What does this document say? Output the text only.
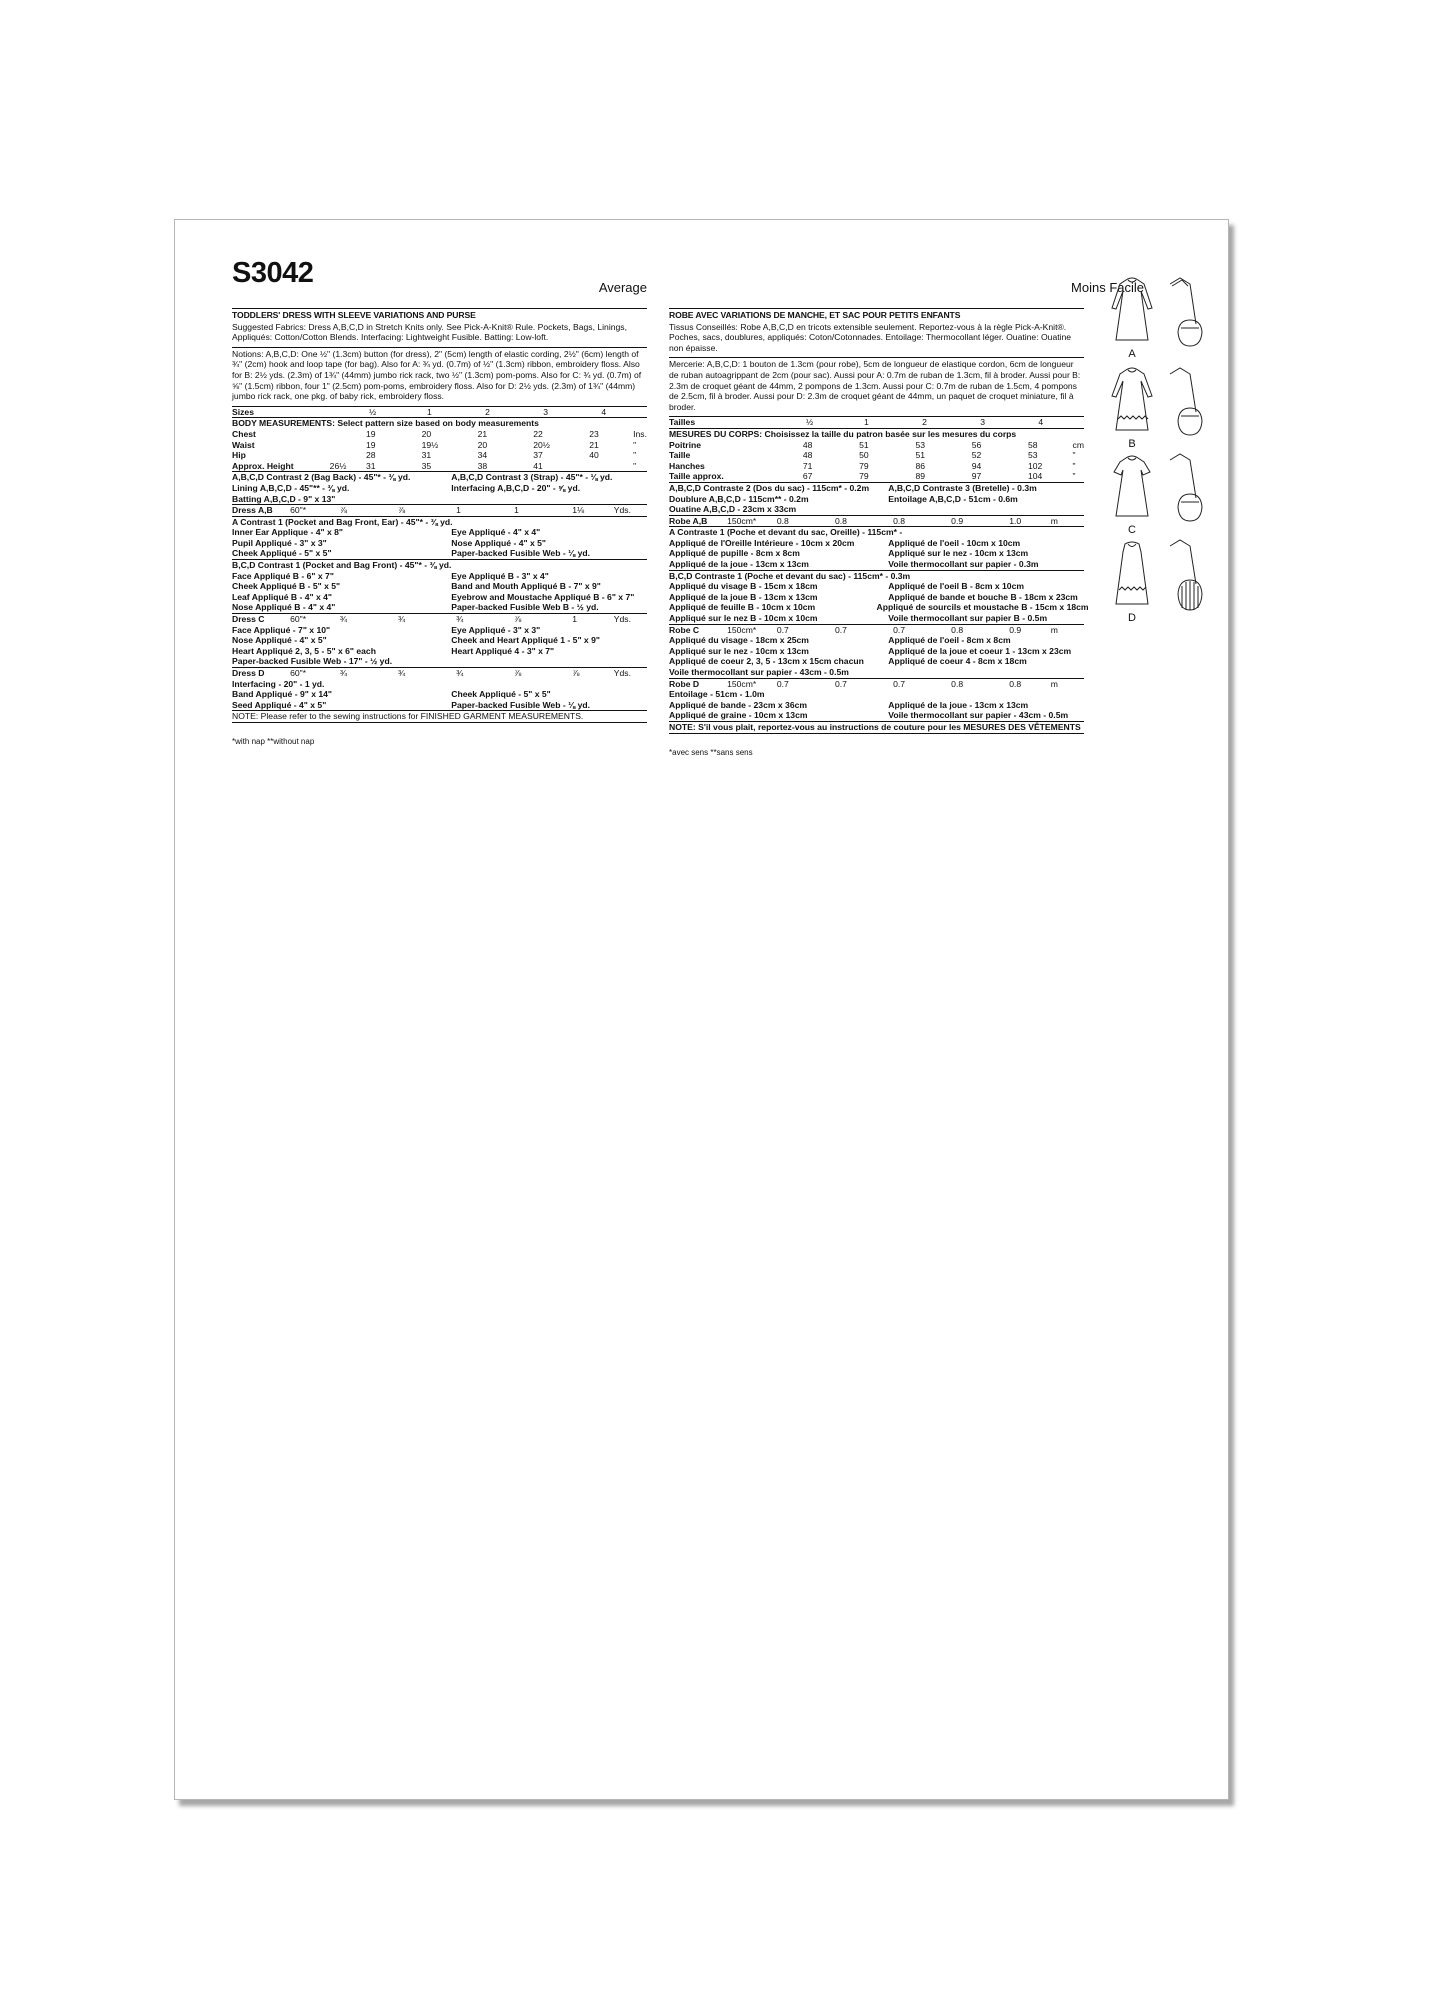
S3042	Average
TODDLERS' DRESS WITH SLEEVE VARIATIONS AND PURSE
Suggested Fabrics: Dress A,B,C,D in Stretch Knits only. See Pick-A-Knit® Rule. Pockets, Bags, Linings, Appliqués: Cotton/Cotton Blends. Interfacing: Lightweight Fusible. Batting: Low-loft.
Notions: A,B,C,D: One ½" (1.3cm) button (for dress), 2" (5cm) length of elastic cording, 2½" (6cm) length of ¾" (2cm) hook and loop tape (for bag). Also for A: ¾ yd. (0.7m) of ½" (1.3cm) ribbon, embroidery floss. Also for B: 2½ yds. (2.3m) of 1¾" (44mm) jumbo rick rack, two ½" (1.3cm) pom-poms. Also for C: ¾ yd. (0.7m) of ⅝" (1.5cm) ribbon, four 1" (2.5cm) pom-poms, embroidery floss. Also for D: 2½ yds. (2.3m) of 1¾" (44mm) jumbo rick rack, one pkg. of baby rick, embroidery floss.
Sizes		½	1	2	3	4
BODY MEASUREMENTS: Select pattern size based on body measurements
Chest		19	20	21	22	23	Ins.
Waist		19	19½	20	20½	21	"
Hip		28	31	34	37	40	"
Approx. Height	26½	31	35	38	41		"
A,B,C,D Contrast 2 (Bag Back) - 45"* - ⅜ yd.	A,B,C,D Contrast 3 (Strap) - 45"* - ⅛ yd.
Lining A,B,C,D - 45"** - ⅜ yd.	Interfacing A,B,C,D - 20" - ⅝ yd.
Batting A,B,C,D - 9" x 13"
Dress A,B	60"*	⅞	⅞	1	1	1⅛	Yds.
A Contrast 1 (Pocket and Bag Front, Ear) - 45"* - ⅜ yd.
Inner Ear Applique - 4" x 8"	Eye Appliqué - 4" x 4"
Pupil Appliqué - 3" x 3"	Nose Appliqué - 4" x 5"
Cheek Appliqué - 5" x 5"	Paper-backed Fusible Web - ⅛ yd.
B,C,D Contrast 1 (Pocket and Bag Front) - 45"* - ⅜ yd.
Face Appliqué B - 6" x 7"	Eye Appliqué B - 3" x 4"
Cheek Appliqué B - 5" x 5"	Band and Mouth Appliqué B - 7" x 9"
Leaf Appliqué B - 4" x 4"	Eyebrow and Moustache Appliqué B - 6" x 7"
Nose Appliqué B - 4" x 4"	Paper-backed Fusible Web B - ½ yd.
Dress C	60"*	¾	¾	¾	⅞	1	Yds.
Face Appliqué - 7" x 10"	Eye Appliqué - 3" x 3"
Nose Appliqué - 4" x 5"	Cheek and Heart Appliqué 1 - 5" x 9"
Heart Appliqué 2, 3, 5 - 5" x 6" each	Heart Appliqué 4 - 3" x 7"
Paper-backed Fusible Web - 17" - ½ yd.
Dress D	60"*	¾	¾	¾	⅞	⅞	Yds.
Interfacing - 20" - 1 yd.
Band Appliqué - 9" x 14"	Cheek Appliqué - 5" x 5"
Seed Appliqué - 4" x 5"	Paper-backed Fusible Web - ⅛ yd.
NOTE: Please refer to the sewing instructions for FINISHED GARMENT MEASUREMENTS.
*with nap **without nap
Moins Facile
ROBE AVEC VARIATIONS DE MANCHE, ET SAC POUR PETITS ENFANTS
Tissus Conseillés: Robe A,B,C,D en tricots extensible seulement. Reportez-vous à la règle Pick-A-Knit®. Poches, sacs, doublures, appliqués: Coton/Cotonnades. Entoilage: Thermocollant léger. Ouatine: Ouatine non épaisse.
Mercerie: A,B,C,D: 1 bouton de 1.3cm (pour robe), 5cm de longueur de elastique cordon, 6cm de longueur de ruban autoagrippant de 2cm (pour sac). Aussi pour A: 0.7m de ruban de 1.3cm, fil à broder. Aussi pour B: 2.3m de croquet géant de 44mm, 2 pompons de 1.3cm. Aussi pour C: 0.7m de ruban de 1.5cm, 4 pompons de 2.5cm, fil à broder. Aussi pour D: 2.3m de croquet géant de 44mm, un paquet de croquet miniature, fil à broder.
Tailles		½	1	2	3	4
MESURES DU CORPS: Choisissez la taille du patron basée sur les mesures du corps
Poitrine		48	51	53	56	58	cm
Taille		48	50	51	52	53	"
Hanches		71	79	86	94	102	"
Taille approx.		67	79	89	97	104	"
A,B,C,D Contraste 2 (Dos du sac) - 115cm* - 0.2m	A,B,C,D Contraste 3 (Bretelle) - 0.3m
Doublure A,B,C,D - 115cm** - 0.2m	Entoilage A,B,C,D - 51cm - 0.6m
Ouatine A,B,C,D - 23cm x 33cm
Robe A,B	150cm*	0.8	0.8	0.8	0.9	1.0	m
A Contraste 1 (Poche et devant du sac, Oreille) - 115cm* -
Appliqué de l'Oreille Intérieure - 10cm x 20cm	Appliqué de l'oeil - 10cm x 10cm
Appliqué de pupille - 8cm x 8cm	Appliqué sur le nez - 10cm x 13cm
Appliqué de la joue - 13cm x 13cm	Voile thermocollant sur papier - 0.3m
B,C,D Contraste 1 (Poche et devant du sac) - 115cm* - 0.3m
Appliqué du visage B - 15cm x 18cm	Appliqué de l'oeil B - 8cm x 10cm
Appliqué de la joue B - 13cm x 13cm	Appliqué de bande et bouche B - 18cm x 23cm
Appliqué de feuille B - 10cm x 10cm	Appliqué de sourcils et moustache B - 15cm x 18cm
Appliqué sur le nez B - 10cm x 10cm	Voile thermocollant sur papier B - 0.5m
Robe C	150cm*	0.7	0.7	0.7	0.8	0.9	m
Appliqué du visage - 18cm x 25cm	Appliqué de l'oeil - 8cm x 8cm
Appliqué sur le nez - 10cm x 13cm	Appliqué de la joue et coeur 1 - 13cm x 23cm
Appliqué de coeur 2, 3, 5 - 13cm x 15cm chacun	Appliqué de coeur 4 - 8cm x 18cm
Voile thermocollant sur papier - 43cm - 0.5m
Robe D	150cm*	0.7	0.7	0.7	0.8	0.8	m
Entoilage - 51cm - 1.0m
Appliqué de bande - 23cm x 36cm	Appliqué de la joue - 13cm x 13cm
Appliqué de graine - 10cm x 13cm	Voile thermocollant sur papier - 43cm - 0.5m
NOTE: S'il vous plait, reportez-vous au instructions de couture pour les MESURES DES VÊTEMENTS
*avec sens **sans sens
A
B
C
D
